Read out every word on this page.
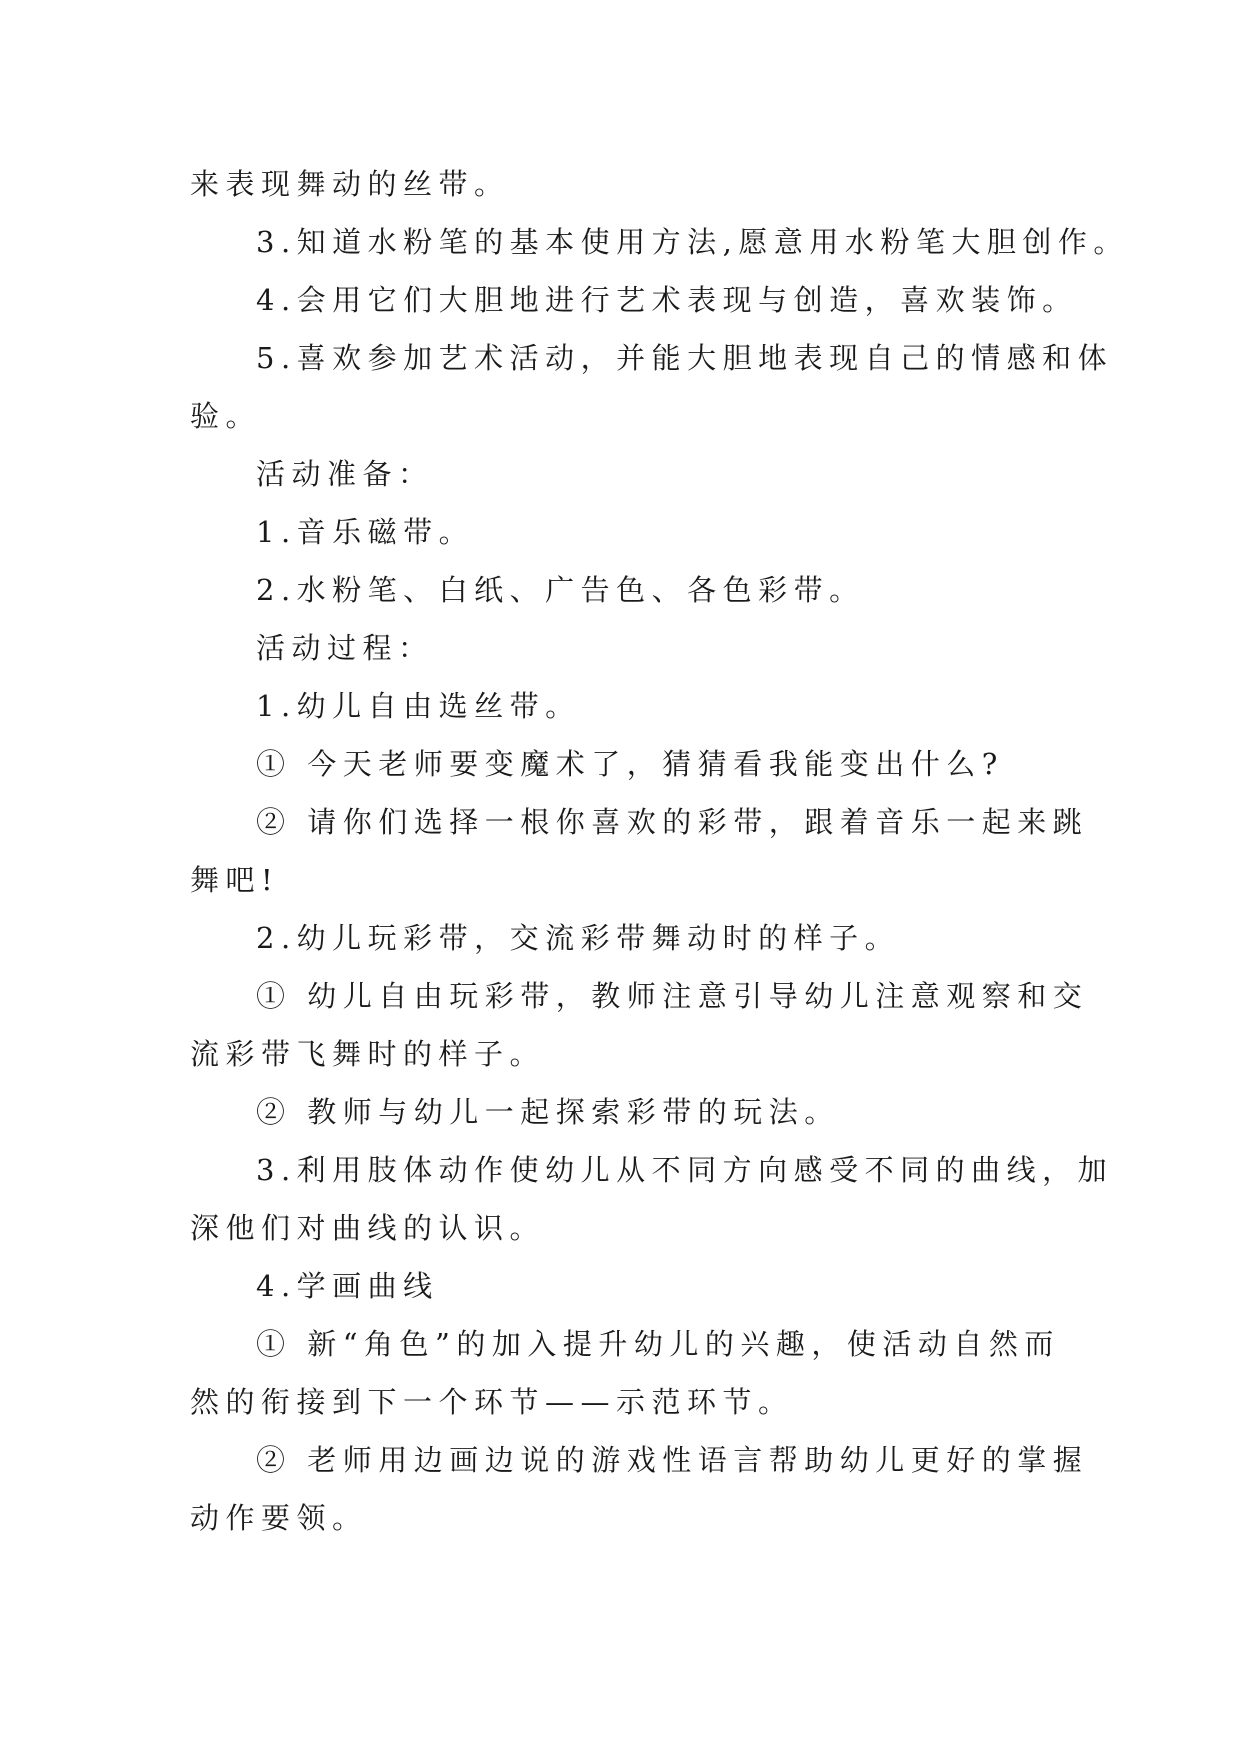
来表现舞动的丝带。
3.知道水粉笔的基本使用方法,愿意用水粉笔大胆创作。
4.会用它们大胆地进行艺术表现与创造，喜欢装饰。
5.喜欢参加艺术活动，并能大胆地表现自己的情感和体
验。
活动准备：
1.音乐磁带。
2.水粉笔、白纸、广告色、各色彩带。
活动过程：
1.幼儿自由选丝带。
① 今天老师要变魔术了，猜猜看我能变出什么?
② 请你们选择一根你喜欢的彩带，跟着音乐一起来跳
舞吧!
2.幼儿玩彩带，交流彩带舞动时的样子。
① 幼儿自由玩彩带，教师注意引导幼儿注意观察和交
流彩带飞舞时的样子。
② 教师与幼儿一起探索彩带的玩法。
3.利用肢体动作使幼儿从不同方向感受不同的曲线，加
深他们对曲线的认识。
4.学画曲线
① 新“角色”的加入提升幼儿的兴趣，使活动自然而
然的衔接到下一个环节——示范环节。
② 老师用边画边说的游戏性语言帮助幼儿更好的掌握
动作要领。
